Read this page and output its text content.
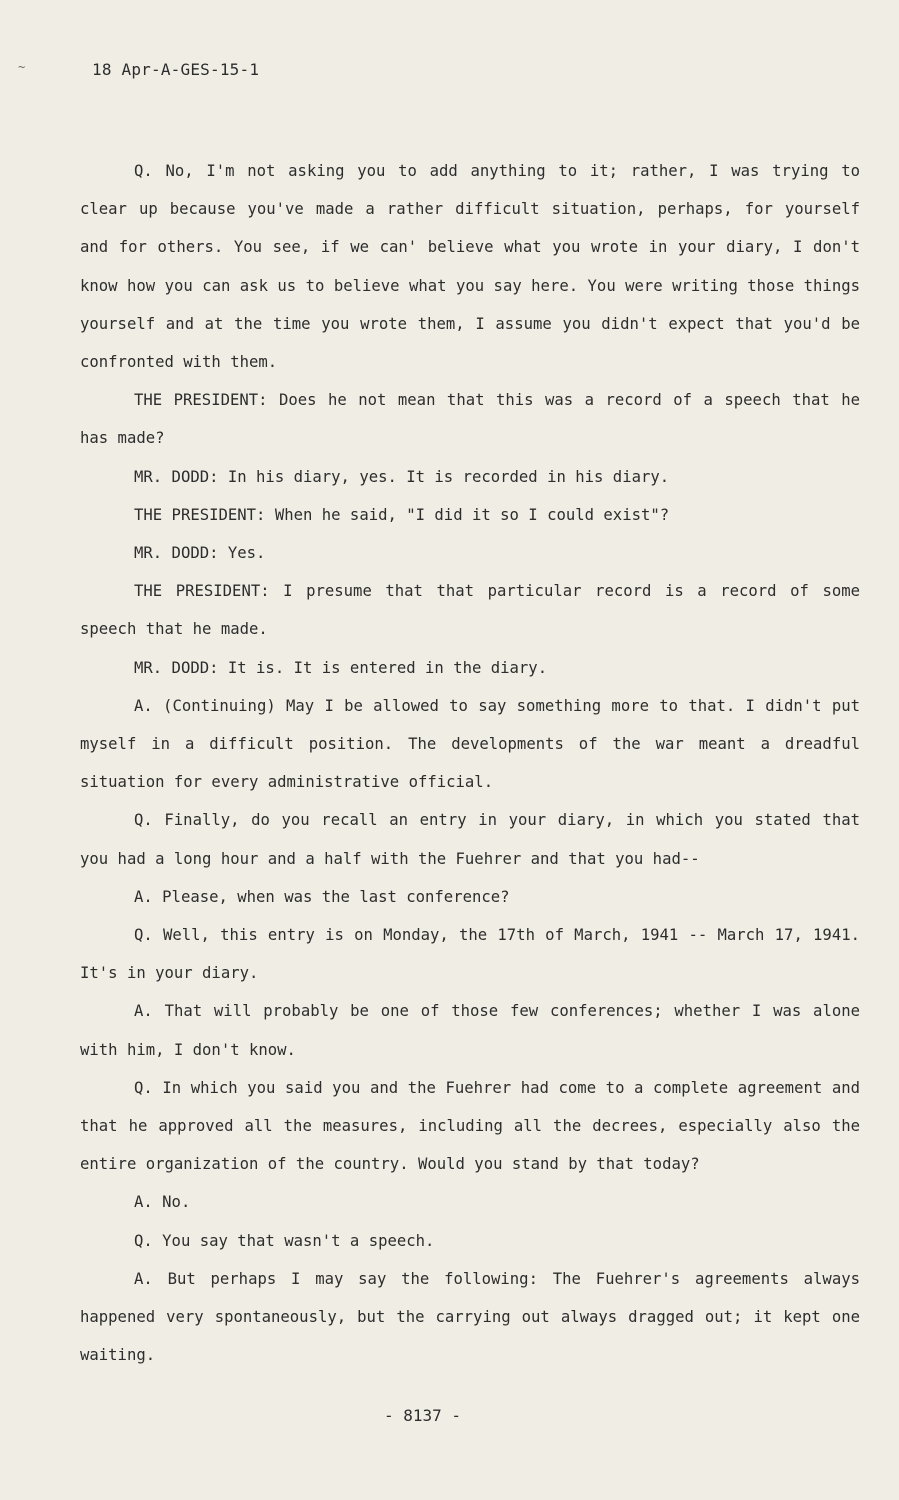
~	18 Apr-A-GES-15-1

Q. No, I'm not asking you to add anything to it; rather, I was trying to clear up because you've made a rather difficult situation, perhaps, for yourself and for others. You see, if we can' believe what you wrote in your diary, I don't know how you can ask us to believe what you say here. You were writing those things yourself and at the time you wrote them, I assume you didn't expect that you'd be confronted with them.

THE PRESIDENT: Does he not mean that this was a record of a speech that he has made?

MR. DODD: In his diary, yes. It is recorded in his diary.

THE PRESIDENT: When he said, "I did it so I could exist"?

MR. DODD: Yes.

THE PRESIDENT: I presume that that particular record is a record of some speech that he made.

MR. DODD: It is. It is entered in the diary.

A. (Continuing) May I be allowed to say something more to that. I didn't put myself in a difficult position. The developments of the war meant a dreadful situation for every administrative official.

Q. Finally, do you recall an entry in your diary, in which you stated that you had a long hour and a half with the Fuehrer and that you had--

A. Please, when was the last conference?

Q. Well, this entry is on Monday, the 17th of March, 1941 -- March 17, 1941. It's in your diary.

A. That will probably be one of those few conferences; whether I was alone with him, I don't know.

Q. In which you said you and the Fuehrer had come to a complete agreement and that he approved all the measures, including all the decrees, especially also the entire organization of the country. Would you stand by that today?

A. No.

Q. You say that wasn't a speech.

A. But perhaps I may say the following: The Fuehrer's agreements always happened very spontaneously, but the carrying out always dragged out; it kept one waiting.

- 8137 -
